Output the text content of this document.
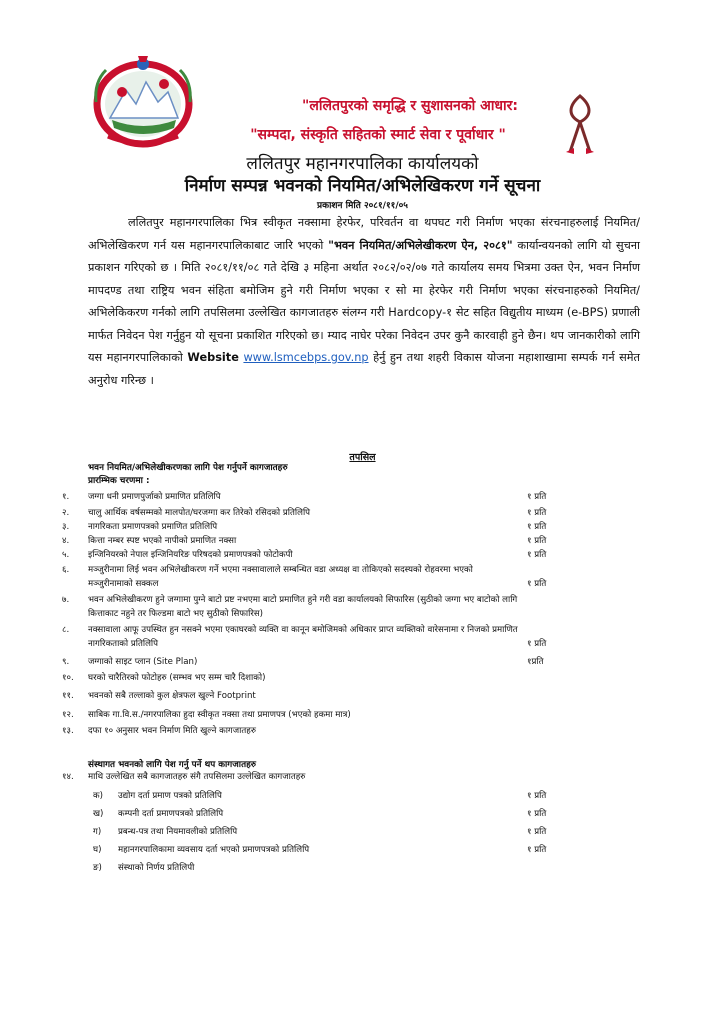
"ललितपुरको समृद्धि र सुशासनको आधार:
"सम्पदा, संस्कृति सहितको स्मार्ट सेवा र पूर्वाधार "
ललितपुर महानगरपालिका कार्यालयको
निर्माण सम्पन्न भवनको नियमित/अभिलेखिकरण गर्ने सूचना
प्रकाशन मिति २०८१/११/०५
ललितपुर महानगरपालिका भित्र स्वीकृत नक्सामा हेरफेर, परिवर्तन वा थपघट गरी निर्माण भएका संरचनाहरुलाई नियमित/अभिलेखिकरण गर्न यस महानगरपालिकाबाट जारि भएको "भवन नियमित/अभिलेखीकरण ऐन, २०८१" कार्यान्वयनको लागि यो सुचना प्रकाशन गरिएको छ । मिति २०८१/११/०८ गते देखि ३ महिना अर्थात २०८२/०२/०७ गते कार्यालय समय भित्रमा उक्त ऐन, भवन निर्माण मापदण्ड तथा राष्ट्रिय भवन संहिता बमोजिम हुने गरी निर्माण भएका र सो मा हेरफेर गरी निर्माण भएका संरचनाहरुको नियमित/अभिलेकिकरण गर्नको लागि तपसिलमा उल्लेखित कागजातहरु संलग्न गरी Hardcopy-१ सेट सहित विद्युतीय माध्यम (e-BPS) प्रणाली मार्फत निवेदन पेश गर्नुहुन यो सूचना प्रकाशित गरिएको छ। म्याद नाघेर परेका निवेदन उपर कुनै कारवाही हुने छैन। थप जानकारीको लागि यस महानगरपालिकाको Website www.lsmcebps.gov.np हेर्नु हुन तथा शहरी विकास योजना महाशाखामा सम्पर्क गर्न समेत अनुरोध गरिन्छ ।
तपसिल
भवन नियमित/अभिलेखीकरणका लागि पेश गर्नुपर्ने कागजातहरु
प्रारम्भिक चरणमा :
१.	जग्गा धनी प्रमाणपुर्जाको प्रमाणित प्रतिलिपि	१ प्रति
२.	चालु आर्थिक वर्षसम्मको मालपोत/घरजग्गा कर तिरेको रसिदको प्रतिलिपि	१ प्रति
३.	नागरिकता प्रमाणपत्रको प्रमाणित प्रतिलिपि	१ प्रति
४.	कित्ता नम्बर स्पष्ट भएको नापीको प्रमाणित नक्सा	१ प्रति
५.	इन्जिनियरको नेपाल इन्जिनियरिङ परिषदको प्रमाणपत्रको फोटोकपी	१ प्रति
६.	मञ्जुरीनामा लिई भवन अभिलेखीकरण गर्ने भएमा नक्सावालाले सम्बन्धित वडा अध्यक्ष वा तोकिएको सदस्यको रोहवरमा भएको
मञ्जुरीनामाको सक्कल	१ प्रति
७.	भवन अभिलेखीकरण हुने जग्गामा पुग्ने बाटो प्रष्ट नभएमा बाटो प्रमाणित हुने गरी वडा कार्यालयको सिफारिस (सुठीको जग्गा भए बाटोको लागि
कित्ताकाट नहुने तर फिल्डमा बाटो भए सुठीको सिफारिस)
८.	नक्सावाला आफू उपस्थित हुन नसक्ने भएमा एकाघरको व्यक्ति वा कानून बमोजिमको अधिकार प्राप्त व्यक्तिको वारेसनामा र निजको प्रमाणित
नागरिकताको प्रतिलिपि	१ प्रति
९.	जग्गाको साइट प्लान (Site Plan)	१प्रति
१०.	घरको चारैतिरको फोटोहरु (सम्भव भए सम्म चारै दिशाको)
११.	भवनको सबै तल्लाको कुल क्षेत्रफल खुल्ने Footprint
१२.	साबिक गा.वि.स./नगरपालिका हुदा स्वीकृत नक्सा तथा प्रमाणपत्र (भएको हकमा मात्र)
१३.	दफा १० अनुसार भवन निर्माण मिति खुल्ने कागजातहरु
संस्थागत भवनको लागि पेश गर्नु पर्ने थप कागजातहरु
१४.	माथि उल्लेखित सबै कागजातहरु संगै तपसिलमा उल्लेखित कागजातहरु
क)	उद्योग दर्ता प्रमाण पत्रको प्रतिलिपि	१ प्रति
ख)	कम्पनी दर्ता प्रमाणपत्रको प्रतिलिपि	१ प्रति
ग)	प्रबन्ध-पत्र तथा नियमावलीको प्रतिलिपि	१ प्रति
घ)	महानगरपालिकामा व्यवसाय दर्ता भएको प्रमाणपत्रको प्रतिलिपि	१ प्रति
ङ)	संस्थाको निर्णय प्रतिलिपी
